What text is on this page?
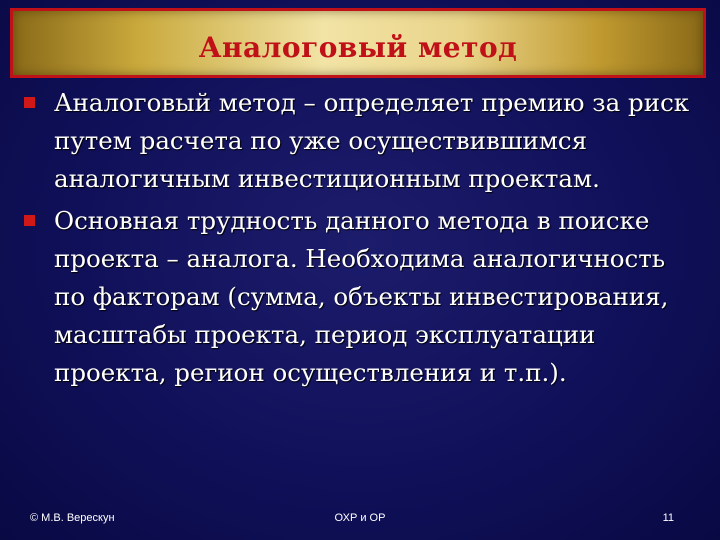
Аналоговый метод
Аналоговый метод – определяет премию за риск путем расчета по уже осуществившимся аналогичным инвестиционным проектам.
Основная трудность данного метода в поиске проекта – аналога. Необходима аналогичность по факторам (сумма, объекты инвестирования, масштабы проекта, период эксплуатации проекта, регион осуществления и т.п.).
© М.В. Верескун	ОХР и ОР	11
